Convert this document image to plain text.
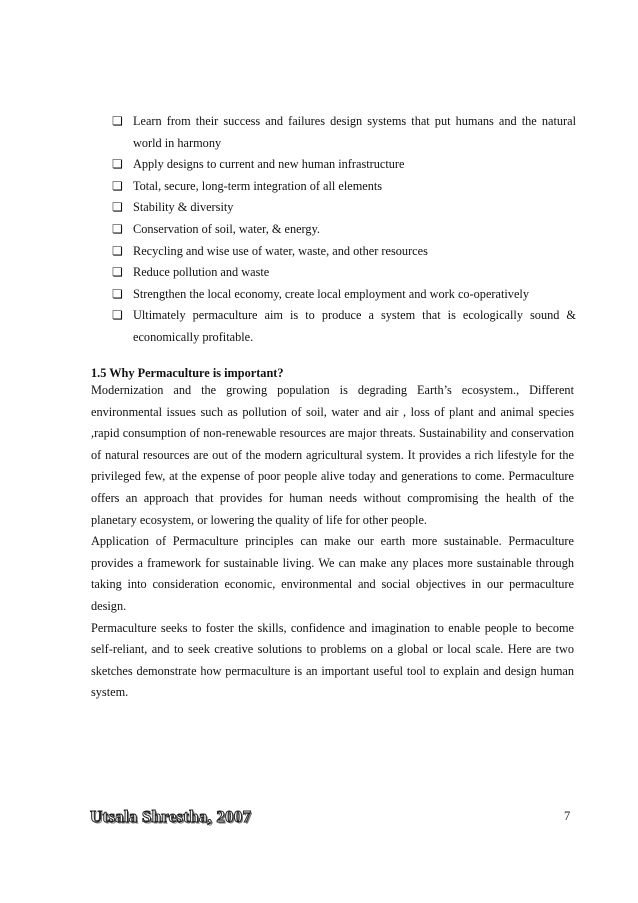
❏ Learn from their success and failures design systems that put humans and the natural world in harmony
❏ Apply designs to current and new human infrastructure
❏ Total, secure, long-term integration of all elements
❏ Stability & diversity
❏ Conservation of soil, water, & energy.
❏ Recycling and wise use of water, waste, and other resources
❏ Reduce pollution and waste
❏ Strengthen the local economy, create local employment and work co-operatively
❏ Ultimately permaculture aim is to produce a system that is ecologically sound & economically profitable.
1.5 Why Permaculture is important?

Modernization and the growing population is degrading Earth’s ecosystem., Different environmental issues such as pollution of soil, water and air , loss of plant and animal species ,rapid consumption of non-renewable resources are major threats. Sustainability and conservation of natural resources are out of the modern agricultural system. It provides a rich lifestyle for the privileged few, at the expense of poor people alive today and generations to come. Permaculture offers an approach that provides for human needs without compromising the health of the planetary ecosystem, or lowering the quality of life for other people.

Application of Permaculture principles can make our earth more sustainable. Permaculture provides a framework for sustainable living. We can make any places more sustainable through taking into consideration economic, environmental and social objectives in our permaculture design.

Permaculture seeks to foster the skills, confidence and imagination to enable people to become self-reliant, and to seek creative solutions to problems on a global or local scale. Here are two sketches demonstrate how permaculture is an important useful tool to explain and design human system.

Utsala Shrestha, 2007	7
